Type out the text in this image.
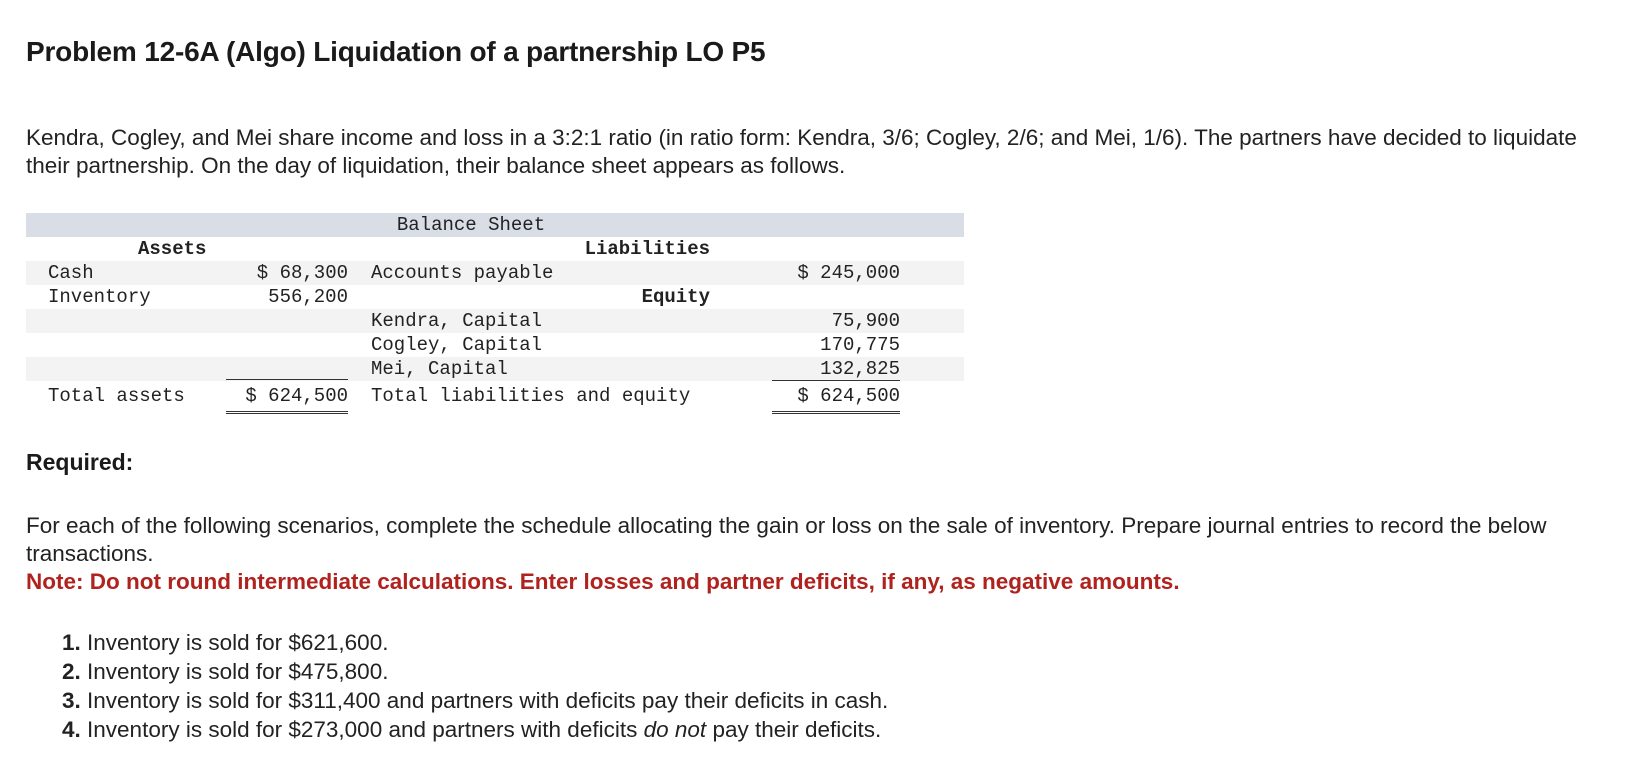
Problem 12-6A (Algo) Liquidation of a partnership LO P5

Kendra, Cogley, and Mei share income and loss in a 3:2:1 ratio (in ratio form: Kendra, 3/6; Cogley, 2/6; and Mei, 1/6). The partners have decided to liquidate their partnership. On the day of liquidation, their balance sheet appears as follows.

Balance Sheet
Assets	Liabilities
Cash	$ 68,300 Accounts payable	$ 245,000
Inventory	556,200	Equity
Kendra, Capital	75,900
Cogley, Capital	170,775
Mei, Capital	132,825
Total assets	$ 624,500 Total liabilities and equity	$ 624,500
Required:

For each of the following scenarios, complete the schedule allocating the gain or loss on the sale of inventory. Prepare journal entries to record the below transactions.

Note: Do not round intermediate calculations. Enter losses and partner deficits, if any, as negative amounts.

1. Inventory is sold for $621,600.
2. Inventory is sold for $475,800.
3. Inventory is sold for $311,400 and partners with deficits pay their deficits in cash.
4. Inventory is sold for $273,000 and partners with deficits do not pay their deficits.
